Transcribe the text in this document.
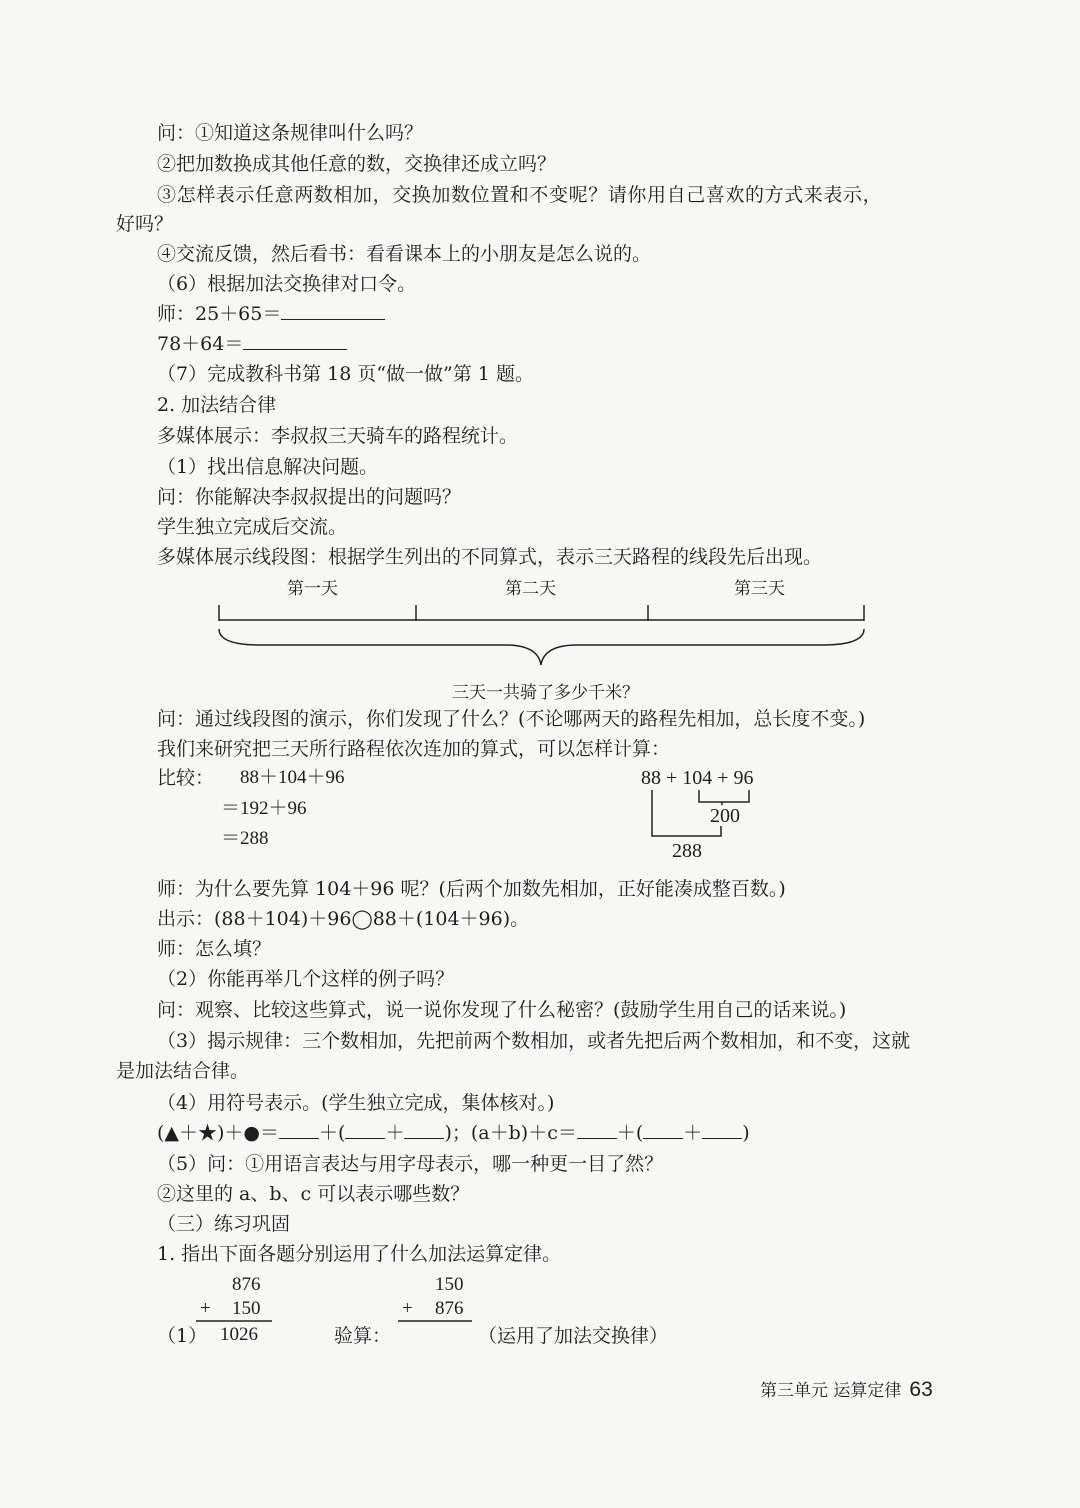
问：①知道这条规律叫什么吗？
②把加数换成其他任意的数，交换律还成立吗？
③怎样表示任意两数相加，交换加数位置和不变呢？请你用自己喜欢的方式来表示，
好吗？
④交流反馈，然后看书：看看课本上的小朋友是怎么说的。
（6）根据加法交换律对口令。
师：25＋65＝
78＋64＝
（7）完成教科书第 18 页“做一做”第 1 题。
2. 加法结合律
多媒体展示：李叔叔三天骑车的路程统计。
（1）找出信息解决问题。
问：你能解决李叔叔提出的问题吗？
学生独立完成后交流。
多媒体展示线段图：根据学生列出的不同算式，表示三天路程的线段先后出现。
第一天	第二天	第三天
三天一共骑了多少千米？
问：通过线段图的演示，你们发现了什么？(不论哪两天的路程先相加，总长度不变。)
我们来研究把三天所行路程依次连加的算式，可以怎样计算：
比较： 88＋104＋96
＝192＋96
＝288
88 + 104 + 96
200
288
师：为什么要先算 104＋96 呢？(后两个加数先相加，正好能凑成整百数。)
出示：(88＋104)＋96◯88＋(104＋96)。
师：怎么填？
（2）你能再举几个这样的例子吗？
问：观察、比较这些算式，说一说你发现了什么秘密？(鼓励学生用自己的话来说。)
（3）揭示规律：三个数相加，先把前两个数相加，或者先把后两个数相加，和不变，这就
是加法结合律。
（4）用符号表示。(学生独立完成，集体核对。)
(▲＋★)＋●＝ ＋( ＋ )；(a＋b)＋c＝ ＋( ＋ )
（5）问：①用语言表达与用字母表示，哪一种更一目了然？
②这里的 a、b、c 可以表示哪些数？
（三）练习巩固
1. 指出下面各题分别运用了什么加法运算定律。
876
+ 150
（1） 1026
150
+ 876
验算：	（运用了加法交换律）
第三单元 运算定律 63
